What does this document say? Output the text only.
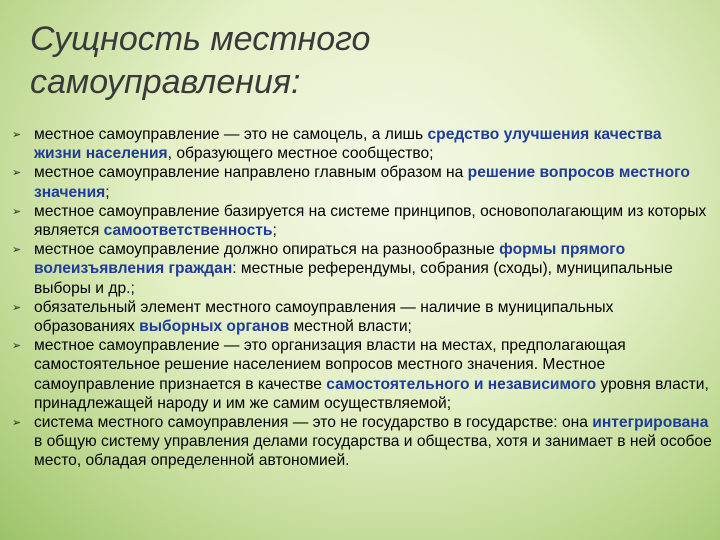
Сущность местного
самоуправления:
➢ местное самоуправление — это не самоцель, а лишь средство улучшения качества жизни населения, образующего местное сообщество;
➢ местное самоуправление направлено главным образом на решение вопросов местного значения;
➢ местное самоуправление базируется на системе принципов, основополагающим из которых является самоответственность;
➢ местное самоуправление должно опираться на разнообразные формы прямого волеизъявления граждан: местные референдумы, собрания (сходы), муниципальные выборы и др.;
➢ обязательный элемент местного самоуправления — наличие в муниципальных образованиях выборных органов местной власти;
➢ местное самоуправление — это организация власти на местах, предполагающая самостоятельное решение населением вопросов местного значения. Местное самоуправление признается в качестве самостоятельного и независимого уровня власти, принадлежащей народу и им же самим осуществляемой;
➢ система местного самоуправления — это не государство в государстве: она интегрирована в общую систему управления делами государства и общества, хотя и занимает в ней особое место, обладая определенной автономией.
